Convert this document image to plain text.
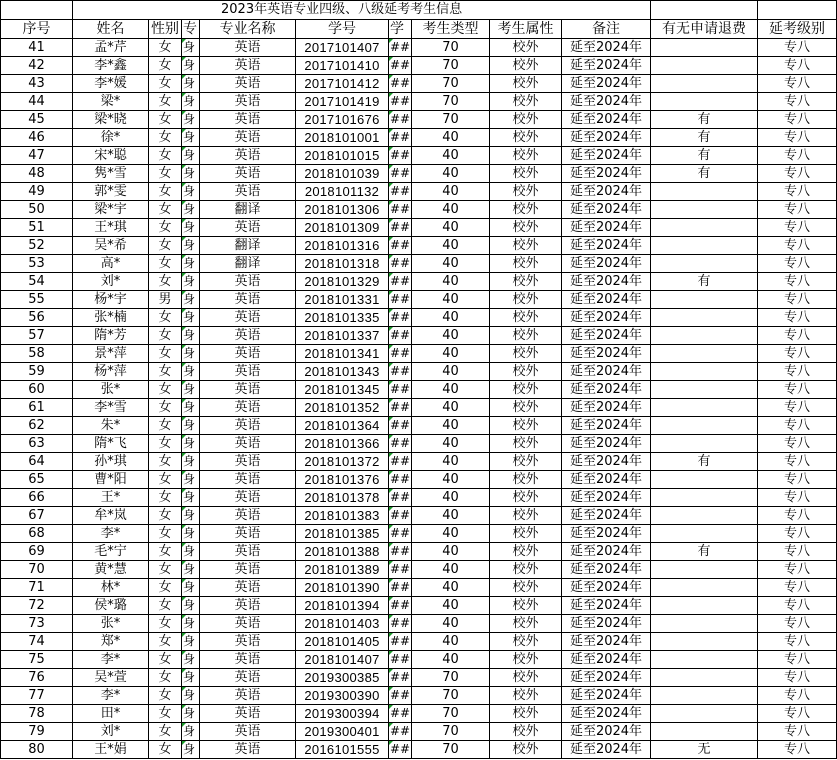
	2023年英语专业四级、八级延考考生信息										
序号	姓名	性别	专	专业名称	学号	学	考生类型	考生属性	备注	有无申请退费	延考级别
41	孟*芹	女	身	英语	2017101407	##	70	校外	延至2024年		专八
42	李*鑫	女	身	英语	2017101410	##	70	校外	延至2024年		专八
43	李*媛	女	身	英语	2017101412	##	70	校外	延至2024年		专八
44	梁*	女	身	英语	2017101419	##	70	校外	延至2024年		专八
45	梁*晓	女	身	英语	2017101676	##	70	校外	延至2024年	有	专八
46	徐*	女	身	英语	2018101001	##	40	校外	延至2024年	有	专八
47	宋*聪	女	身	英语	2018101015	##	40	校外	延至2024年	有	专八
48	隽*雪	女	身	英语	2018101039	##	40	校外	延至2024年	有	专八
49	郭*雯	女	身	英语	2018101132	##	40	校外	延至2024年		专八
50	梁*宇	女	身	翻译	2018101306	##	40	校外	延至2024年		专八
51	王*琪	女	身	英语	2018101309	##	40	校外	延至2024年		专八
52	吴*希	女	身	翻译	2018101316	##	40	校外	延至2024年		专八
53	高*	女	身	翻译	2018101318	##	40	校外	延至2024年		专八
54	刘*	女	身	英语	2018101329	##	40	校外	延至2024年	有	专八
55	杨*宇	男	身	英语	2018101331	##	40	校外	延至2024年		专八
56	张*楠	女	身	英语	2018101335	##	40	校外	延至2024年		专八
57	隋*芳	女	身	英语	2018101337	##	40	校外	延至2024年		专八
58	景*萍	女	身	英语	2018101341	##	40	校外	延至2024年		专八
59	杨*萍	女	身	英语	2018101343	##	40	校外	延至2024年		专八
60	张*	女	身	英语	2018101345	##	40	校外	延至2024年		专八
61	李*雪	女	身	英语	2018101352	##	40	校外	延至2024年		专八
62	朱*	女	身	英语	2018101364	##	40	校外	延至2024年		专八
63	隋*飞	女	身	英语	2018101366	##	40	校外	延至2024年		专八
64	孙*琪	女	身	英语	2018101372	##	40	校外	延至2024年	有	专八
65	曹*阳	女	身	英语	2018101376	##	40	校外	延至2024年		专八
66	王*	女	身	英语	2018101378	##	40	校外	延至2024年		专八
67	牟*岚	女	身	英语	2018101383	##	40	校外	延至2024年		专八
68	李*	女	身	英语	2018101385	##	40	校外	延至2024年		专八
69	毛*宁	女	身	英语	2018101388	##	40	校外	延至2024年	有	专八
70	黄*慧	女	身	英语	2018101389	##	40	校外	延至2024年		专八
71	林*	女	身	英语	2018101390	##	40	校外	延至2024年		专八
72	侯*璐	女	身	英语	2018101394	##	40	校外	延至2024年		专八
73	张*	女	身	英语	2018101403	##	40	校外	延至2024年		专八
74	郑*	女	身	英语	2018101405	##	40	校外	延至2024年		专八
75	李*	女	身	英语	2018101407	##	40	校外	延至2024年		专八
76	吴*萱	女	身	英语	2019300385	##	70	校外	延至2024年		专八
77	李*	女	身	英语	2019300390	##	70	校外	延至2024年		专八
78	田*	女	身	英语	2019300394	##	70	校外	延至2024年		专八
79	刘*	女	身	英语	2019300401	##	70	校外	延至2024年		专八
80	王*娟	女	身	英语	2016101555	##	70	校外	延至2024年	无	专八
